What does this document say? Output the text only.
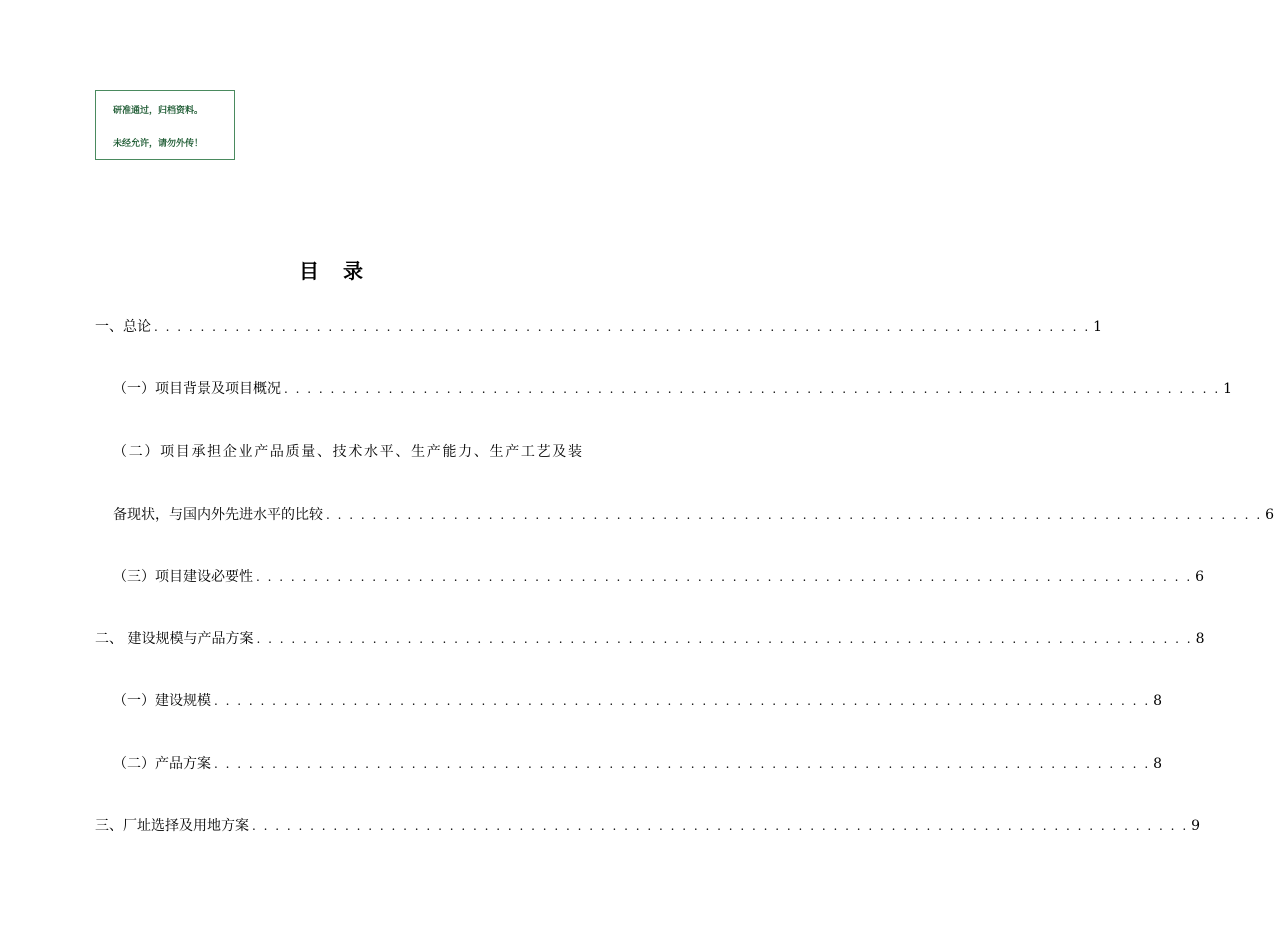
研准通过，归档资料。
未经允许，请勿外传！
目录
一、总论 . . . . . . . . . . . . . . . . . . . . . . . . . . . . . . . . . . . . . . . . . . . . . . . . . . . . . . . . . . . . . . . . . . . . . . . . . . . . . . . . . 1
（一）项目背景及项目概况 . . . . . . . . . . . . . . . . . . . . . . . . . . . . . . . . . . . . . . . . . . . . . . . . . . . . . . . . . . . . . . . . . . . . . . . . . . . . . . . . . 1
（二）项目承担企业产品质量、技术水平、生产能力、生产工艺及装
备现状，与国内外先进水平的比较 . . . . . . . . . . . . . . . . . . . . . . . . . . . . . . . . . . . . . . . . . . . . . . . . . . . . . . . . . . . . . . . . . . . . . . . . . . . . . . . . . 6
（三）项目建设必要性 . . . . . . . . . . . . . . . . . . . . . . . . . . . . . . . . . . . . . . . . . . . . . . . . . . . . . . . . . . . . . . . . . . . . . . . . . . . . . . . . . 6
二、 建设规模与产品方案 . . . . . . . . . . . . . . . . . . . . . . . . . . . . . . . . . . . . . . . . . . . . . . . . . . . . . . . . . . . . . . . . . . . . . . . . . . . . . . . . . 8
（一）建设规模 . . . . . . . . . . . . . . . . . . . . . . . . . . . . . . . . . . . . . . . . . . . . . . . . . . . . . . . . . . . . . . . . . . . . . . . . . . . . . . . . . 8
（二）产品方案 . . . . . . . . . . . . . . . . . . . . . . . . . . . . . . . . . . . . . . . . . . . . . . . . . . . . . . . . . . . . . . . . . . . . . . . . . . . . . . . . . 8
三、厂址选择及用地方案 . . . . . . . . . . . . . . . . . . . . . . . . . . . . . . . . . . . . . . . . . . . . . . . . . . . . . . . . . . . . . . . . . . . . . . . . . . . . . . . . . 9
